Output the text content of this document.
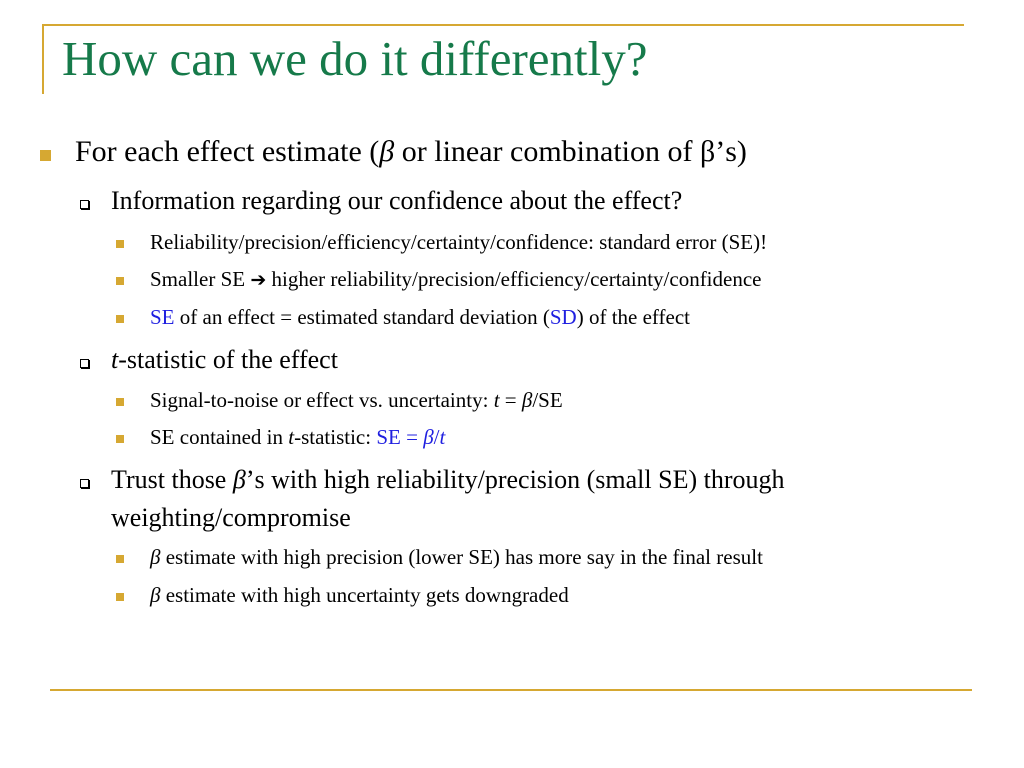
How can we do it differently?
For each effect estimate (β or linear combination of β’s)
Information regarding our confidence about the effect?
Reliability/precision/efficiency/certainty/confidence: standard error (SE)!
Smaller SE ➔ higher reliability/precision/efficiency/certainty/confidence
SE of an effect = estimated standard deviation (SD) of the effect
t-statistic of the effect
Signal-to-noise or effect vs. uncertainty: t = β/SE
SE contained in t-statistic: SE = β/t
Trust those β’s with high reliability/precision (small SE) through
weighting/compromise
β estimate with high precision (lower SE) has more say in the final result
β estimate with high uncertainty gets downgraded
